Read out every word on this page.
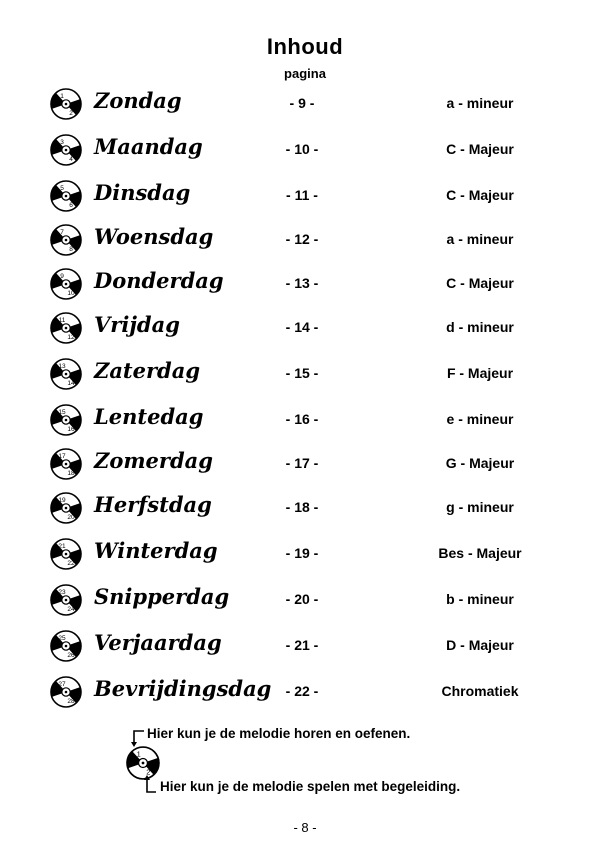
Inhoud
pagina
1
2
Zondag	- 9 -	a - mineur
3
4
Maandag	- 10 -	C - Majeur
5
6
Dinsdag	- 11 -	C - Majeur
7
8
Woensdag	- 12 -	a - mineur
9
10
Donderdag	- 13 -	C - Majeur
11
12
Vrijdag	- 14 -	d - mineur
13
14
Zaterdag	- 15 -	F - Majeur
15
16
Lentedag	- 16 -	e - mineur
17
18
Zomerdag	- 17 -	G - Majeur
19
20
Herfstdag	- 18 -	g - mineur
21
22
Winterdag	- 19 -	Bes - Majeur
23
24
Snipperdag	- 20 -	b - mineur
25
26
Verjaardag	- 21 -	D - Majeur
27
28
Bevrijdingsdag	- 22 -	Chromatiek
Hier kun je de melodie horen en oefenen.
1
2
Hier kun je de melodie spelen met begeleiding.
- 8 -
